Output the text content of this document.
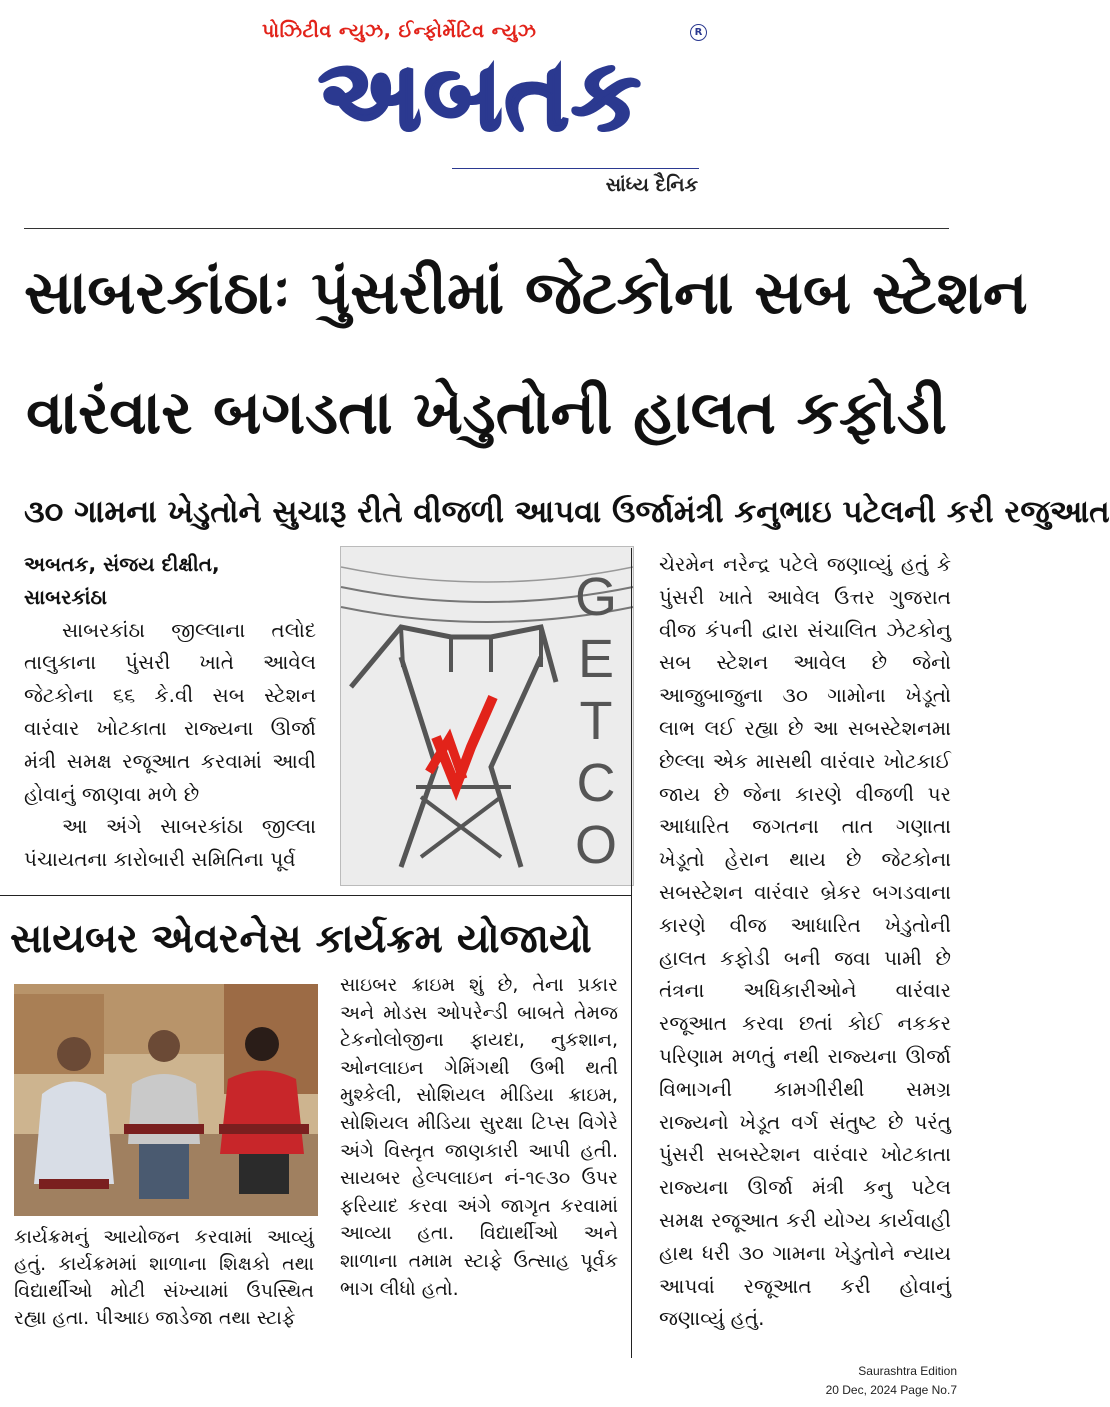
પોઝિટીવ ન્યુઝ, ઈન્ફોર્મેટિવ ન્યુઝ
અબતક
R
સાંધ્ય દૈનિક
સાબરકાંઠાઃ પુંસરીમાં જેટકોના સબ સ્ટેશન
વારંવાર બગડતા ખેડુતોની હાલત કફોડી
૩૦ ગામના ખેડુતોને સુચારૂ રીતે વીજળી આપવા ઉર્જામંત્રી કનુભાઇ પટેલની કરી રજુઆત

અબતક, સંજય દીક્ષીત,
સાબરકાંઠા

સાબરકાંઠા જીલ્લાના તલોદ તાલુકાના પુંસરી ખાતે આવેલ જેટકોના ૬૬ કે.વી સબ સ્ટેશન વારંવાર ખોટકાતા રાજ્યના ઊર્જા મંત્રી સમક્ષ રજૂઆત કરવામાં આવી હોવાનું જાણવા મળે છે

આ અંગે સાબરકાંઠા જીલ્લા પંચાયતના કારોબારી સમિતિના પૂર્વ

G
E
T
C
O

ચેરમેન નરેન્દ્ર પટેલે જણાવ્યું હતું કે પુંસરી ખાતે આવેલ ઉત્તર ગુજરાત વીજ કંપની દ્વારા સંચાલિત ઝેટકોનુ સબ સ્ટેશન આવેલ છે જેનો આજુબાજુના ૩૦ ગામોના ખેડૂતો લાભ લઈ રહ્યા છે આ સબસ્ટેશનમા છેલ્લા એક માસથી વારંવાર ખોટકાઈ જાય છે જેના કારણે વીજળી પર આધારિત જગતના તાત ગણાતા ખેડૂતો હેરાન થાય છે જેટકોના સબસ્ટેશન વારંવાર બ્રેકર બગડવાના કારણે વીજ આધારિત ખેડુતોની હાલત કફોડી બની જવા પામી છે તંત્રના અધિકારીઓને વારંવાર રજૂઆત કરવા છતાં કોઈ નકકર પરિણામ મળતું નથી રાજ્યના ઊર્જા વિભાગની કામગીરીથી સમગ્ર રાજ્યનો ખેડૂત વર્ગ સંતુષ્ટ છે પરંતુ પુંસરી સબસ્ટેશન વારંવાર ખોટકાતા રાજ્યના ઊર્જા મંત્રી કનુ પટેલ સમક્ષ રજૂઆત કરી યોગ્ય કાર્યવાહી હાથ ધરી ૩૦ ગામના ખેડુતોને ન્યાય આપવાં રજૂઆત કરી હોવાનું જણાવ્યું હતું.

સાયબર એવરનેસ કાર્યક્રમ યોજાયો

કાર્યક્રમનું આયોજન કરવામાં આવ્યું હતું. કાર્યક્રમમાં શાળાના શિક્ષકો તથા વિદ્યાર્થીઓ મોટી સંખ્યામાં ઉપસ્થિત રહ્યા હતા. પીઆઇ જાડેજા તથા સ્ટાફે

સાઇબર ક્રાઇમ શું છે, તેના પ્રકાર અને મોડસ ઓપરેન્ડી બાબતે તેમજ ટેકનોલોજીના ફાયદા, નુકશાન, ઓનલાઇન ગેમિંગથી ઉભી થતી મુશ્કેલી, સોશિયલ મીડિયા ક્રાઇમ, સોશિયલ મીડિયા સુરક્ષા ટિપ્સ વિગેરે અંગે વિસ્તૃત જાણકારી આપી હતી. સાયબર હેલ્પલાઇન નં-૧૯૩૦ ઉપર ફરિયાદ કરવા અંગે જાગૃત કરવામાં આવ્યા હતા. વિદ્યાર્થીઓ અને શાળાના તમામ સ્ટાફે ઉત્સાહ પૂર્વક ભાગ લીધો હતો.

Saurashtra Edition
20 Dec, 2024 Page No.7
